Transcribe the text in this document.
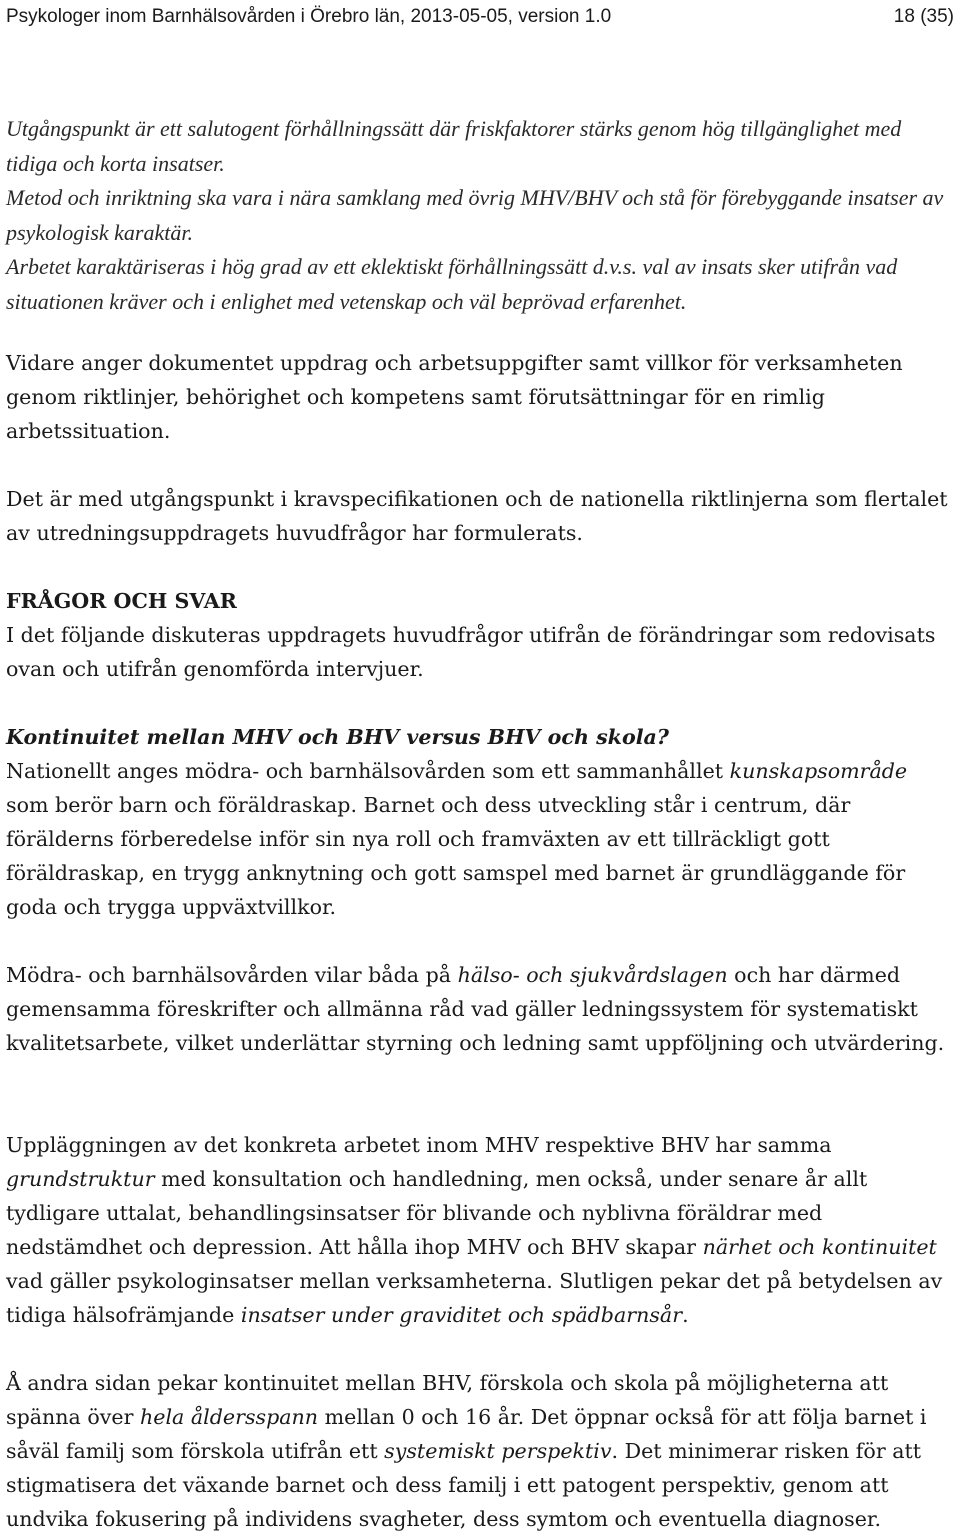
Psykologer inom Barnhälsovården i Örebro län, 2013-05-05, version 1.0	18 (35)

Utgångspunkt är ett salutogent förhållningssätt där friskfaktorer stärks genom hög tillgänglighet med tidiga och korta insatser.

Metod och inriktning ska vara i nära samklang med övrig MHV/BHV och stå för förebyggande insatser av psykologisk karaktär.

Arbetet karaktäriseras i hög grad av ett eklektiskt förhållningssätt d.v.s. val av insats sker utifrån vad situationen kräver och i enlighet med vetenskap och väl beprövad erfarenhet.

Vidare anger dokumentet uppdrag och arbetsuppgifter samt villkor för verksamheten genom riktlinjer, behörighet och kompetens samt förutsättningar för en rimlig arbetssituation.

Det är med utgångspunkt i kravspecifikationen och de nationella riktlinjerna som flertalet av utredningsuppdragets huvudfrågor har formulerats.

FRÅGOR OCH SVAR

I det följande diskuteras uppdragets huvudfrågor utifrån de förändringar som redovisats ovan och utifrån genomförda intervjuer.

Kontinuitet mellan MHV och BHV versus BHV och skola?

Nationellt anges mödra- och barnhälsovården som ett sammanhållet kunskapsområde som berör barn och föräldraskap. Barnet och dess utveckling står i centrum, där förälderns förberedelse inför sin nya roll och framväxten av ett tillräckligt gott föräldraskap, en trygg anknytning och gott samspel med barnet är grundläggande för goda och trygga uppväxtvillkor.

Mödra- och barnhälsovården vilar båda på hälso- och sjukvårdslagen och har därmed gemensamma föreskrifter och allmänna råd vad gäller ledningssystem för systematiskt kvalitetsarbete, vilket underlättar styrning och ledning samt uppföljning och utvärdering.

Uppläggningen av det konkreta arbetet inom MHV respektive BHV har samma grundstruktur med konsultation och handledning, men också, under senare år allt tydligare uttalat, behandlingsinsatser för blivande och nyblivna föräldrar med nedstämdhet och depression. Att hålla ihop MHV och BHV skapar närhet och kontinuitet vad gäller psykologinsatser mellan verksamheterna. Slutligen pekar det på betydelsen av tidiga hälsofrämjande insatser under graviditet och spädbarnsår.

Å andra sidan pekar kontinuitet mellan BHV, förskola och skola på möjligheterna att spänna över hela åldersspann mellan 0 och 16 år. Det öppnar också för att följa barnet i såväl familj som förskola utifrån ett systemiskt perspektiv. Det minimerar risken för att stigmatisera det växande barnet och dess familj i ett patogent perspektiv, genom att undvika fokusering på individens svagheter, dess symtom och eventuella diagnoser.
